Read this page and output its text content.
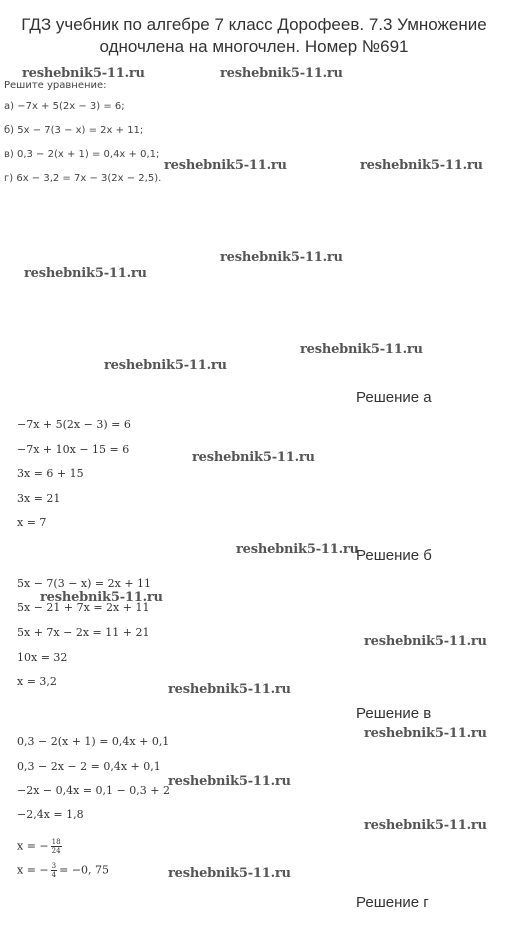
ГДЗ учебник по алгебре 7 класс Дорофеев. 7.3 Умножение
одночлена на многочлен. Номер №691
reshebnik5-11.ru	reshebnik5-11.ru
reshebnik5-11.ru	reshebnik5-11.ru
reshebnik5-11.ru
reshebnik5-11.ru
reshebnik5-11.ru
reshebnik5-11.ru
reshebnik5-11.ru
reshebnik5-11.ru
reshebnik5-11.ru
reshebnik5-11.ru
reshebnik5-11.ru
reshebnik5-11.ru
reshebnik5-11.ru
reshebnik5-11.ru
reshebnik5-11.ru
Решите уравнение:
а) −7x + 5(2x − 3) = 6;
б) 5x − 7(3 − x) = 2x + 11;
в) 0,3 − 2(x + 1) = 0,4x + 0,1;
г) 6x − 3,2 = 7x − 3(2x − 2,5).
Решение а
−7x + 5(2x − 3) = 6
−7x + 10x − 15 = 6
3x = 6 + 15
3x = 21
x = 7
Решение б
5x − 7(3 − x) = 2x + 11
5x − 21 + 7x = 2x + 11
5x + 7x − 2x = 11 + 21
10x = 32
x = 3,2
Решение в
0,3 − 2(x + 1) = 0,4x + 0,1
0,3 − 2x − 2 = 0,4x + 0,1
−2x − 0,4x = 0,1 − 0,3 + 2
−2,4x = 1,8
x = − $\frac{18}{24}$
x = − $\frac{3}{4} = -0$, 75
Решение г
